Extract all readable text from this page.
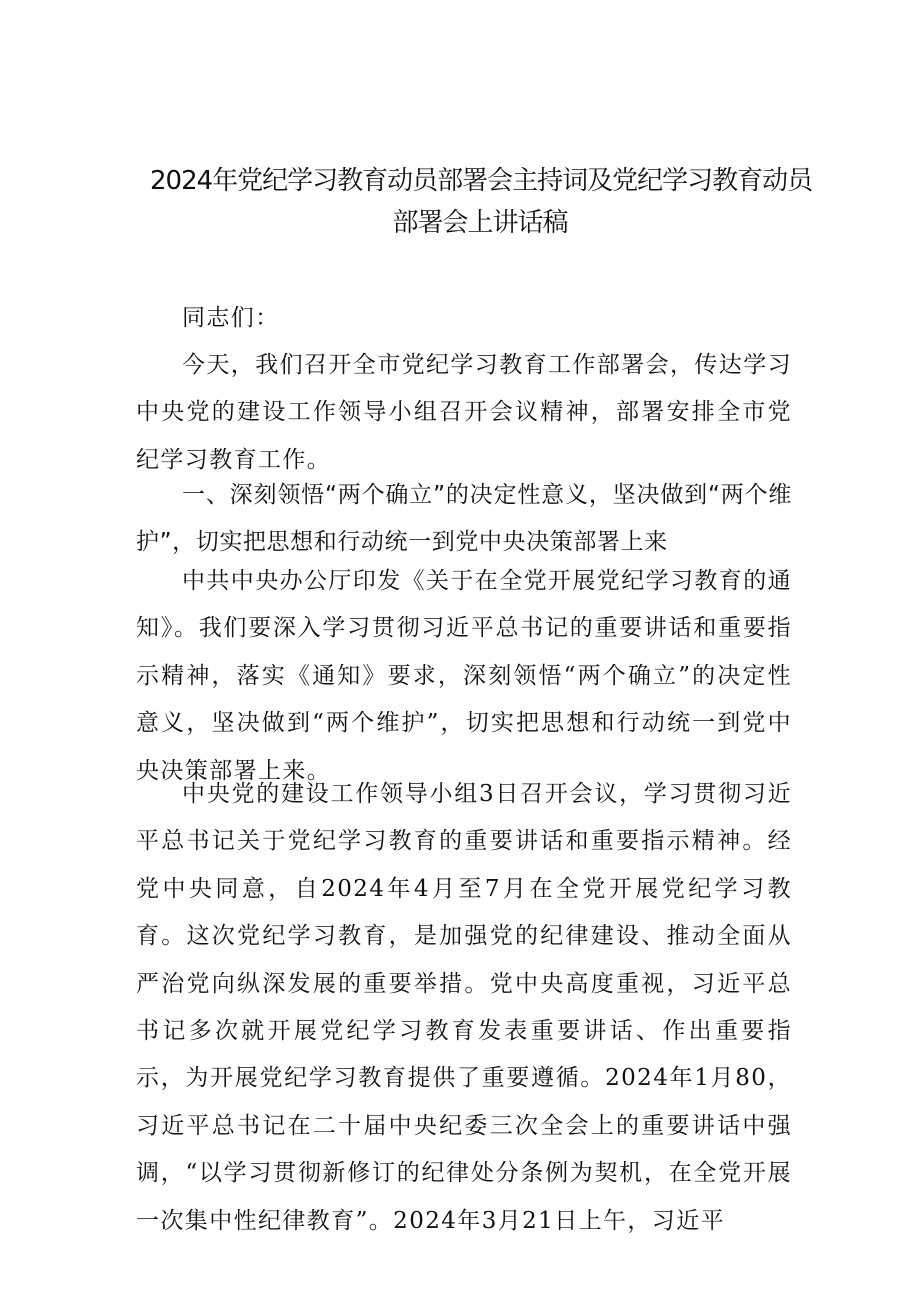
2024年党纪学习教育动员部署会主持词及党纪学习教育动员
部署会上讲话稿

同志们：

今天，我们召开全市党纪学习教育工作部署会，传达学习中央党的建设工作领导小组召开会议精神，部署安排全市党纪学习教育工作。

一、深刻领悟“两个确立”的决定性意义，坚决做到“两个维护”，切实把思想和行动统一到党中央决策部署上来

中共中央办公厅印发《关于在全党开展党纪学习教育的通知》。我们要深入学习贯彻习近平总书记的重要讲话和重要指示精神，落实《通知》要求，深刻领悟“两个确立”的决定性意义，坚决做到“两个维护”，切实把思想和行动统一到党中央决策部署上来。

中央党的建设工作领导小组3日召开会议，学习贯彻习近平总书记关于党纪学习教育的重要讲话和重要指示精神。经党中央同意，自2024年4月至7月在全党开展党纪学习教育。这次党纪学习教育，是加强党的纪律建设、推动全面从严治党向纵深发展的重要举措。党中央高度重视，习近平总书记多次就开展党纪学习教育发表重要讲话、作出重要指示，为开展党纪学习教育提供了重要遵循。2024年1月80，习近平总书记在二十届中央纪委三次全会上的重要讲话中强调，“以学习贯彻新修订的纪律处分条例为契机，在全党开展一次集中性纪律教育”。2024年3月21日上午，习近平
